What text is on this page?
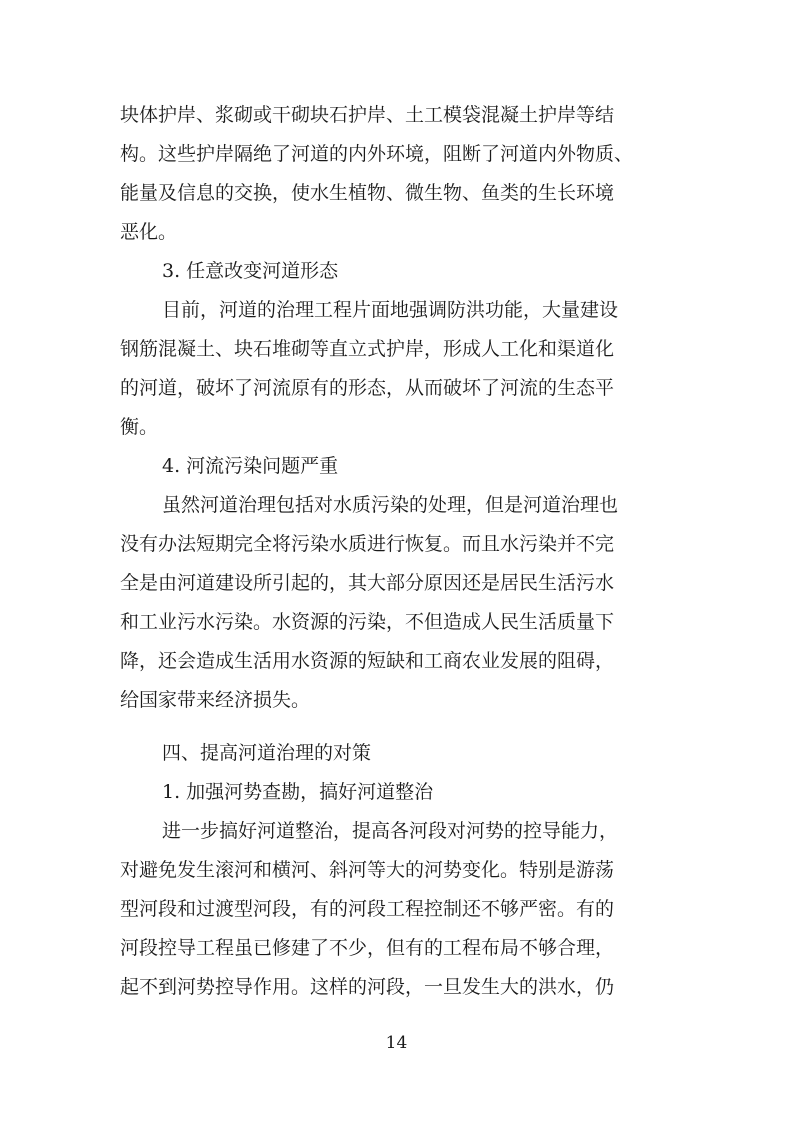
块体护岸、浆砌或干砌块石护岸、土工模袋混凝土护岸等结
构。这些护岸隔绝了河道的内外环境，阻断了河道内外物质、
能量及信息的交换，使水生植物、微生物、鱼类的生长环境
恶化。
3. 任意改变河道形态
目前，河道的治理工程片面地强调防洪功能，大量建设
钢筋混凝土、块石堆砌等直立式护岸，形成人工化和渠道化
的河道，破坏了河流原有的形态，从而破坏了河流的生态平
衡。
4. 河流污染问题严重
虽然河道治理包括对水质污染的处理，但是河道治理也
没有办法短期完全将污染水质进行恢复。而且水污染并不完
全是由河道建设所引起的，其大部分原因还是居民生活污水
和工业污水污染。水资源的污染，不但造成人民生活质量下
降，还会造成生活用水资源的短缺和工商农业发展的阻碍，
给国家带来经济损失。
四、提高河道治理的对策
1. 加强河势查勘，搞好河道整治
进一步搞好河道整治，提高各河段对河势的控导能力，
对避免发生滚河和横河、斜河等大的河势变化。特别是游荡
型河段和过渡型河段，有的河段工程控制还不够严密。有的
河段控导工程虽已修建了不少，但有的工程布局不够合理，
起不到河势控导作用。这样的河段，一旦发生大的洪水，仍
14
